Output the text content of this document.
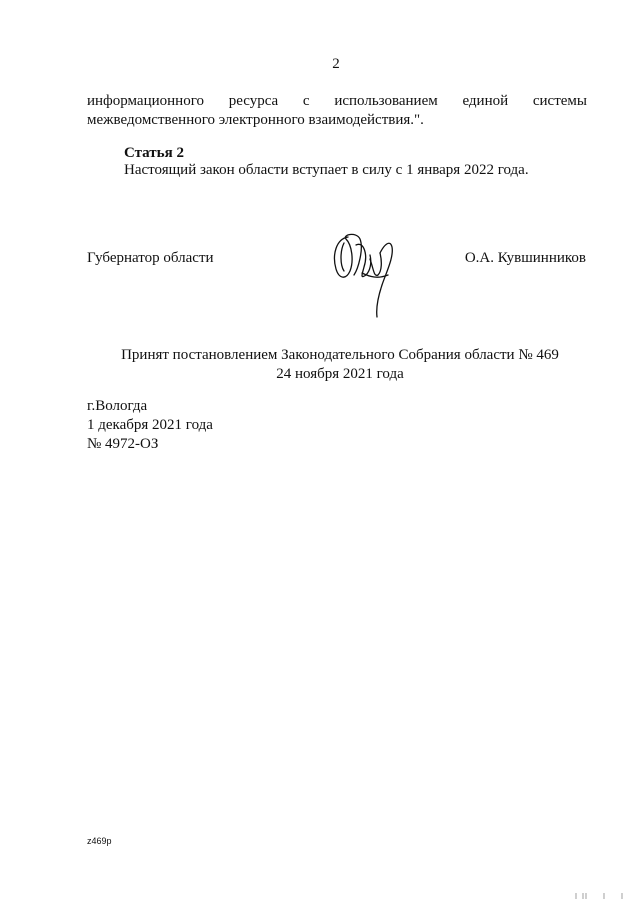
2
информационного ресурса с использованием единой системы
межведомственного электронного взаимодействия.".
Статья 2
Настоящий закон области вступает в силу с 1 января 2022 года.
Губернатор области	О.А. Кувшинников
Принят постановлением Законодательного Собрания области № 469
24 ноября 2021 года
г.Вологда
1 декабря 2021 года
№ 4972-ОЗ
z469p
